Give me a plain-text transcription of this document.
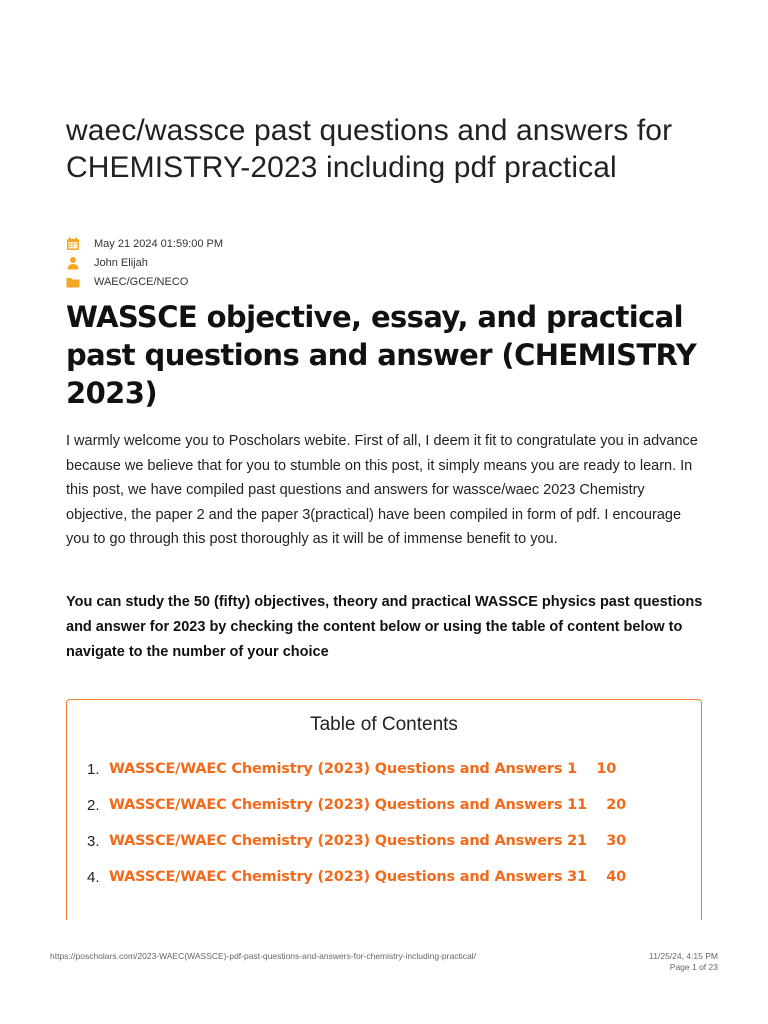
waec/wassce past questions and answers for CHEMISTRY-2023 including pdf practical
May 21 2024 01:59:00 PM
John Elijah
WAEC/GCE/NECO
WASSCE objective, essay, and practical past questions and answer (CHEMISTRY 2023)

I warmly welcome you to Poscholars webite. First of all, I deem it fit to congratulate you in advance because we believe that for you to stumble on this post, it simply means you are ready to learn. In this post, we have compiled past questions and answers for wassce/waec 2023 Chemistry objective, the paper 2 and the paper 3(practical) have been compiled in form of pdf. I encourage you to go through this post thoroughly as it will be of immense benefit to you.

You can study the 50 (fifty) objectives, theory and practical WASSCE physics past questions and answer for 2023 by checking the content below or using the table of content below to navigate to the number of your choice

Table of Contents
1. WASSCE/WAEC Chemistry (2023) Questions and Answers 1    10
2. WASSCE/WAEC Chemistry (2023) Questions and Answers 11    20
3. WASSCE/WAEC Chemistry (2023) Questions and Answers 21    30
4. WASSCE/WAEC Chemistry (2023) Questions and Answers 31    40
https://poscholars.com/2023-WAEC(WASSCE)-pdf-past-questions-and-answers-for-chemistry-including-practical/	11/25/24, 4:15 PM
Page 1 of 23
